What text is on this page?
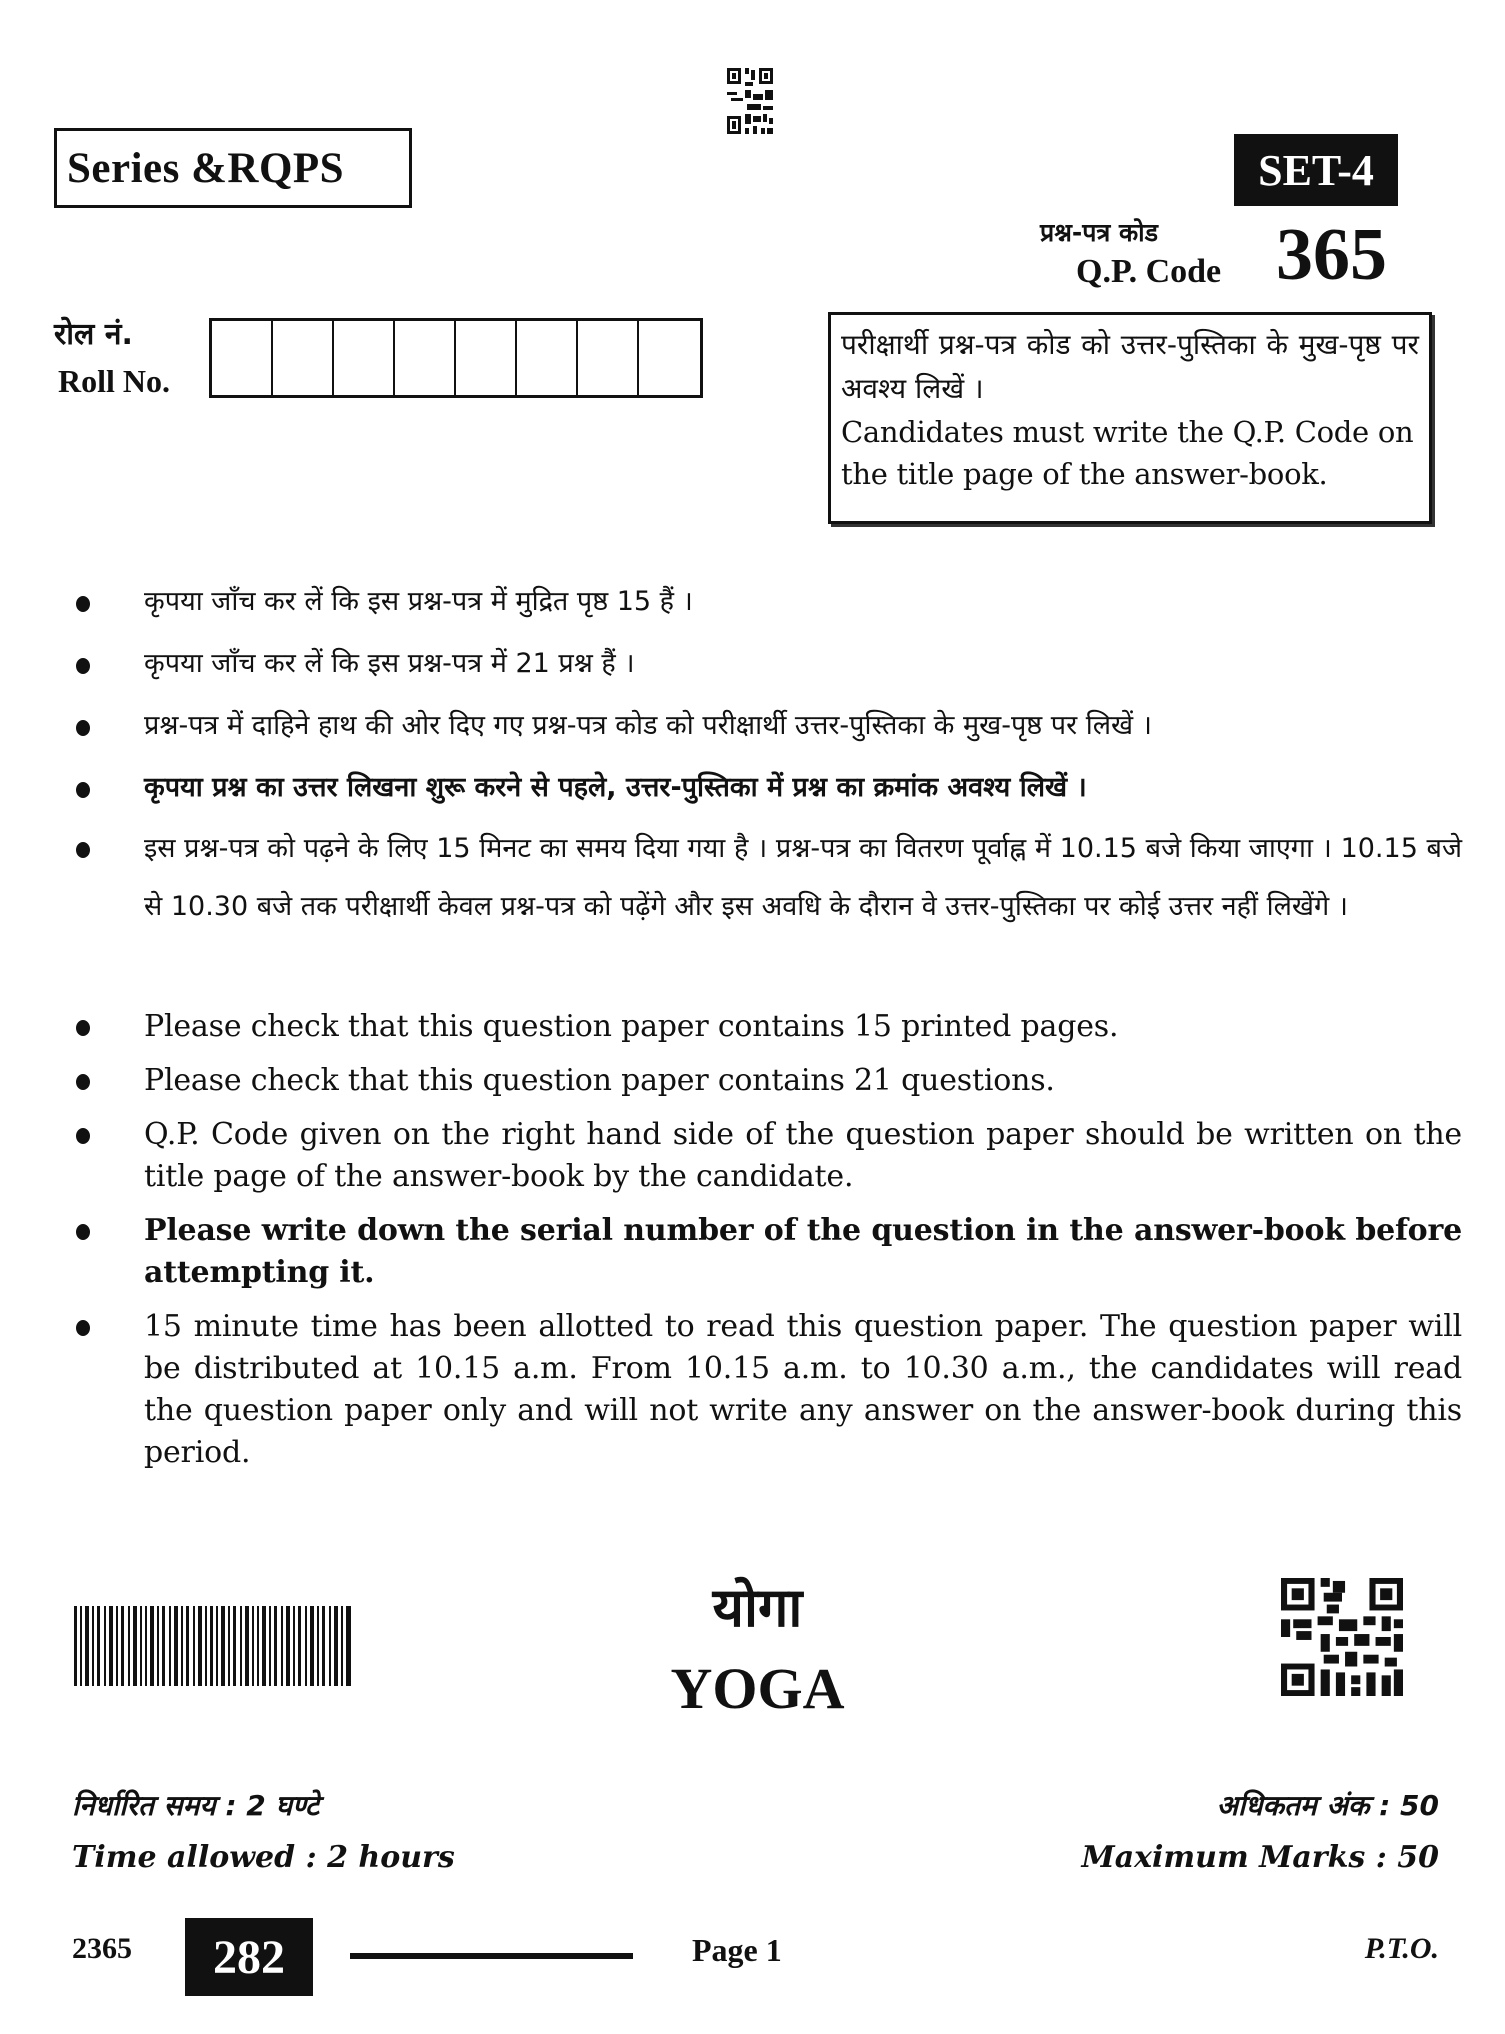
Series &RQPS	SET-4
प्रश्न-पत्र कोड
Q.P. Code 365
रोल नं.
Roll No.
परीक्षार्थी प्रश्न-पत्र कोड को उत्तर-पुस्तिका के मुख-पृष्ठ पर अवश्य लिखें ।
Candidates must write the Q.P. Code on the title page of the answer-book.
कृपया जाँच कर लें कि इस प्रश्न-पत्र में मुद्रित पृष्ठ 15 हैं ।
कृपया जाँच कर लें कि इस प्रश्न-पत्र में 21 प्रश्न हैं ।
प्रश्न-पत्र में दाहिने हाथ की ओर दिए गए प्रश्न-पत्र कोड को परीक्षार्थी उत्तर-पुस्तिका के मुख-पृष्ठ पर लिखें ।
कृपया प्रश्न का उत्तर लिखना शुरू करने से पहले, उत्तर-पुस्तिका में प्रश्न का क्रमांक अवश्य लिखें ।
इस प्रश्न-पत्र को पढ़ने के लिए 15 मिनट का समय दिया गया है । प्रश्न-पत्र का वितरण पूर्वाह्न में 10.15 बजे किया जाएगा । 10.15 बजे से 10.30 बजे तक परीक्षार्थी केवल प्रश्न-पत्र को पढ़ेंगे और इस अवधि के दौरान वे उत्तर-पुस्तिका पर कोई उत्तर नहीं लिखेंगे ।
Please check that this question paper contains 15 printed pages.
Please check that this question paper contains 21 questions.
Q.P. Code given on the right hand side of the question paper should be written on the title page of the answer-book by the candidate.
Please write down the serial number of the question in the answer-book before attempting it.
15 minute time has been allotted to read this question paper. The question paper will be distributed at 10.15 a.m. From 10.15 a.m. to 10.30 a.m., the candidates will read the question paper only and will not write any answer on the answer-book during this period.
योगा
YOGA
निर्धारित समय : 2 घण्टे
Time allowed : 2 hours
अधिकतम अंक : 50
Maximum Marks : 50
2365	282	Page 1	P.T.O.
